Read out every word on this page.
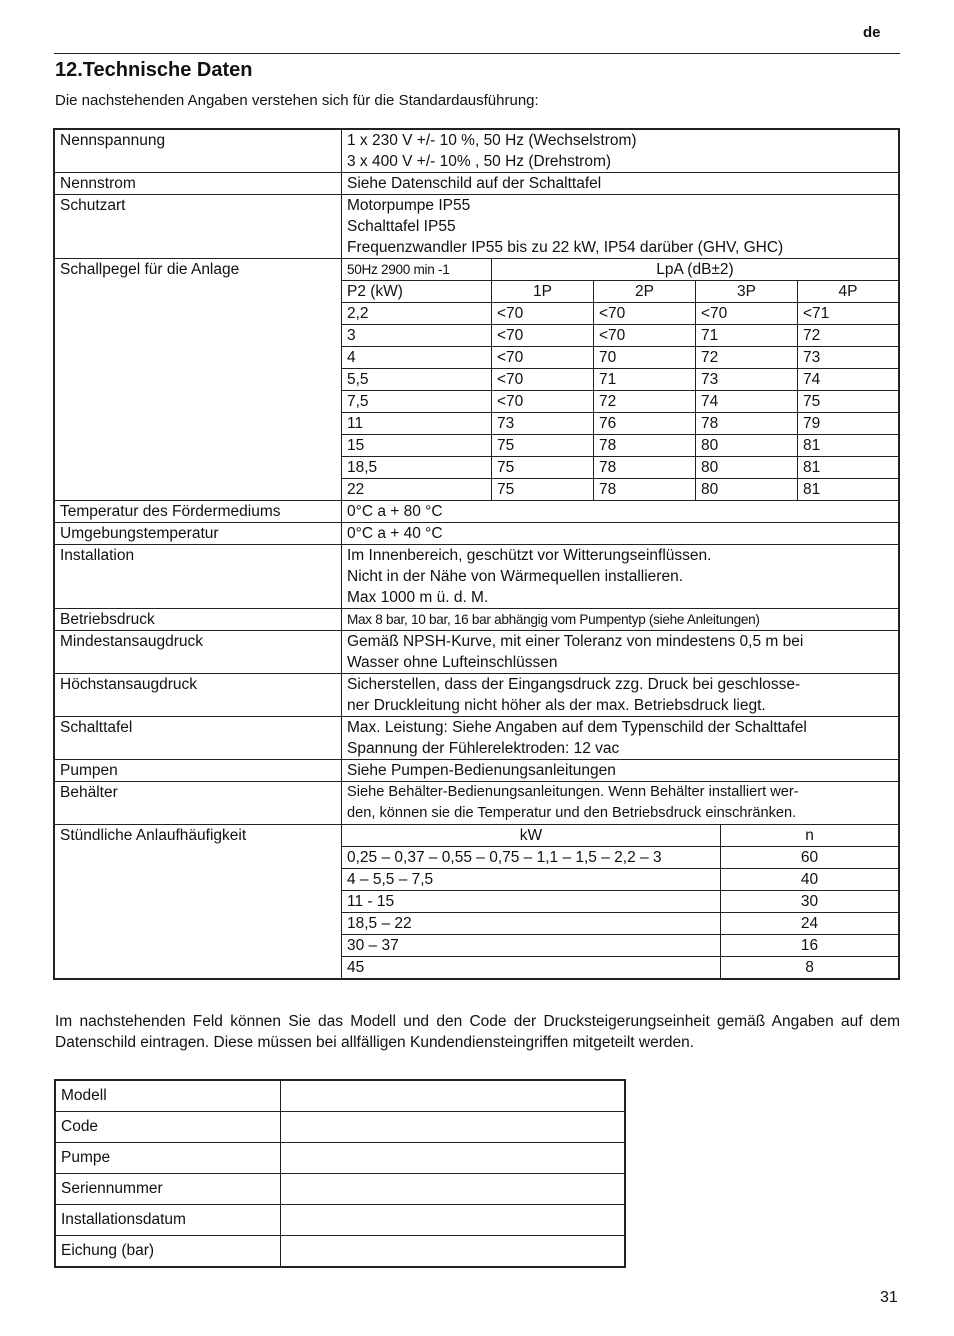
de
12.Technische Daten

Die nachstehenden Angaben verstehen sich für die Standardausführung:

Nennspannung	1 x 230 V +/- 10 %, 50 Hz (Wechselstrom)
3 x 400 V +/- 10% , 50 Hz (Drehstrom)

Nennstrom	Siehe Datenschild auf der Schalttafel
Schutzart	Motorpumpe IP55
Schalttafel IP55
Frequenzwandler IP55 bis zu 22 kW, IP54 darüber (GHV, GHC)

Schallpegel für die Anlage		50Hz 2900 min -1	LpA (dB±2)
P2 (kW)	1P	2P	3P	4P
2,2	<70	<70	<70	<71
3	<70	<70	71	72
4	<70	70	72	73
5,5	<70	71	73	74
7,5	<70	72	74	75
11	73	76	78	79
15	75	78	80	81
18,5	75	78	80	81
22	75	78	80	81

Temperatur des Fördermediums	0°C a + 80 °C
Umgebungstemperatur	0°C a + 40 °C
Installation	Im Innenbereich, geschützt vor Witterungseinflüssen.
Nicht in der Nähe von Wärmequellen installieren.
Max 1000 m ü. d. M.

Betriebsdruck	Max 8 bar, 10 bar, 16 bar abhängig vom Pumpentyp (siehe Anleitungen)
Mindestansaugdruck	Gemäß NPSH-Kurve, mit einer Toleranz von mindestens 0,5 m bei
Wasser ohne Lufteinschlüssen

Höchstansaugdruck	Sicherstellen, dass der Eingangsdruck zzg. Druck bei geschlosse-
ner Druckleitung nicht höher als der max. Betriebsdruck liegt.

Schalttafel	Max. Leistung: Siehe Angaben auf dem Typenschild der Schalttafel
Spannung der Fühlerelektroden: 12 vac

Pumpen	Siehe Pumpen-Bedienungsanleitungen
Behälter	Siehe Behälter-Bedienungsanleitungen. Wenn Behälter installiert wer-
den, können sie die Temperatur und den Betriebsdruck einschränken.

Stündliche Anlaufhäufigkeit		kW	n
0,25 – 0,37 – 0,55 – 0,75 – 1,1 – 1,5 – 2,2 – 3	60
4 – 5,5 – 7,5	40
11 - 15	30
18,5 – 22	24
30 – 37	16
45	8

Im nachstehenden Feld können Sie das Modell und den Code der Drucksteigerungseinheit gemäß Angaben auf dem Datenschild eintragen. Diese müssen bei allfälligen Kundendiensteingriffen mitgeteilt werden.

Modell	
Code	
Pumpe	
Seriennummer	
Installationsdatum	
Eichung (bar)	
31
